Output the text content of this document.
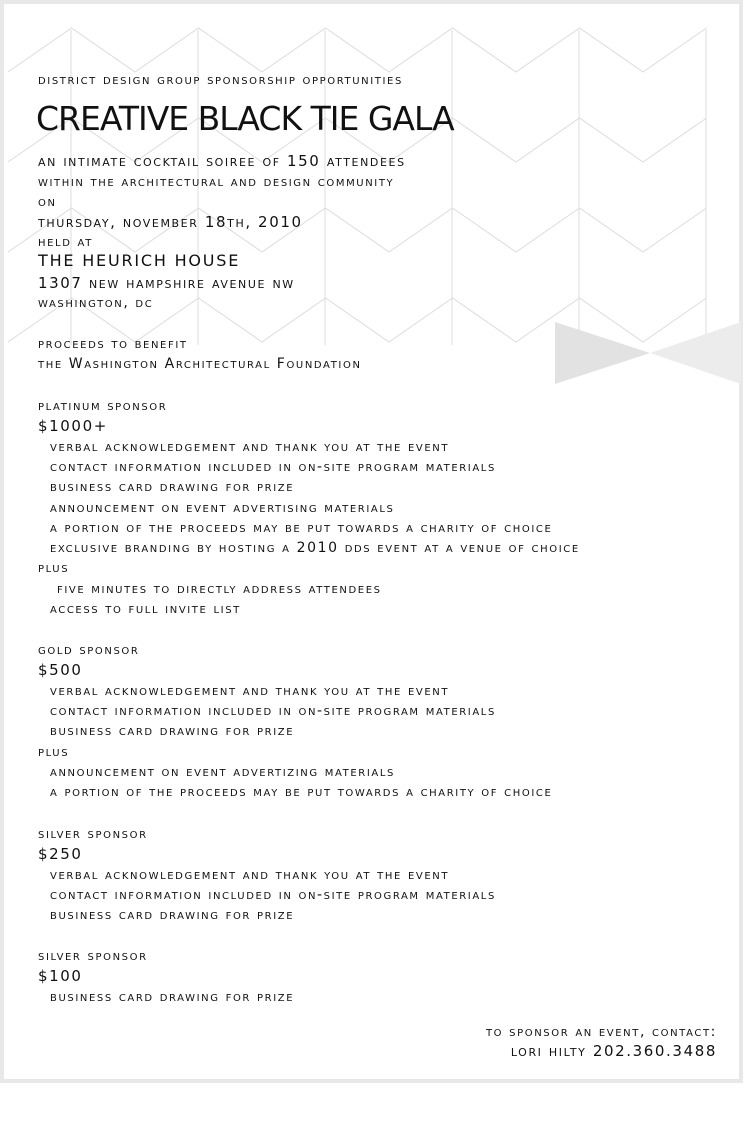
district design group sponsorship opportunities
CREATIVE BLACK TIE GALA
an intimate cocktail soiree of 150 attendees
within the architectural and design community
on
thursday, november 18th, 2010
held at
THE HEURICH HOUSE
1307 new hampshire avenue nw
washington, dc
proceeds to benefit
the Washington Architectural Foundation
platinum sponsor
$1000+
verbal acknowledgement and thank you at the event
contact information included in on-site program materials
business card drawing for prize
announcement on event advertising materials
a portion of the proceeds may be put towards a charity of choice
exclusive branding by hosting a 2010 dds event at a venue of choice
plus
five minutes to directly address attendees
access to full invite list
gold sponsor
$500
verbal acknowledgement and thank you at the event
contact information included in on-site program materials
business card drawing for prize
plus
announcement on event advertizing materials
a portion of the proceeds may be put towards a charity of choice
silver sponsor
$250
verbal acknowledgement and thank you at the event
contact information included in on-site program materials
business card drawing for prize
silver sponsor
$100
business card drawing for prize
to sponsor an event, contact:
lori hilty 202.360.3488
